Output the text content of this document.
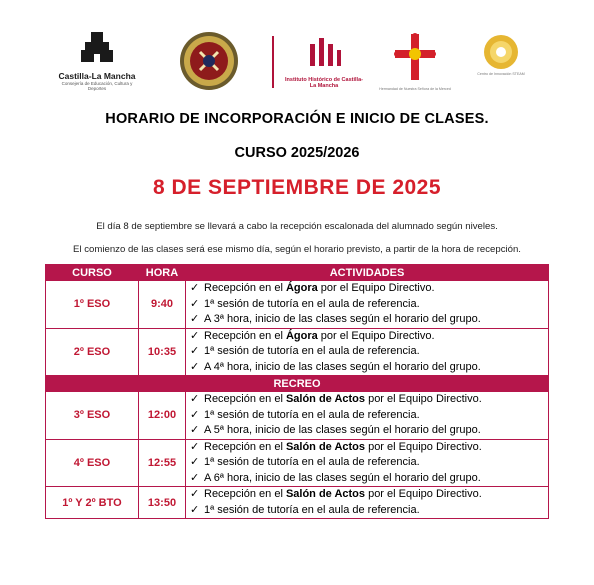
Castilla-La Mancha
Consejería de Educación, Cultura y Deportes
Instituto Histórico de Castilla-La Mancha	Hermandad de Nuestra Señora de la Merced
Centro de Innovación STEAM
HORARIO DE INCORPORACIÓN E INICIO DE CLASES.
CURSO 2025/2026
8 DE SEPTIEMBRE DE 2025
El día 8 de septiembre se llevará a cabo la recepción escalonada del alumnado según niveles.
El comienzo de las clases será ese mismo día, según el horario previsto, a partir de la hora de recepción.
CURSO	HORA	ACTIVIDADES
1º ESO	9:40	✓ Recepción en el Ágora por el Equipo Directivo.
✓ 1ª sesión de tutoría en el aula de referencia.
✓ A 3ª hora, inicio de las clases según el horario del grupo.

2º ESO	10:35	✓ Recepción en el Ágora por el Equipo Directivo.
✓ 1ª sesión de tutoría en el aula de referencia.
✓ A 4ª hora, inicio de las clases según el horario del grupo.

RECREO		
3º ESO	12:00	✓ Recepción en el Salón de Actos por el Equipo Directivo.
✓ 1ª sesión de tutoría en el aula de referencia.
✓ A 5ª hora, inicio de las clases según el horario del grupo.

4º ESO	12:55	✓ Recepción en el Salón de Actos por el Equipo Directivo.
✓ 1ª sesión de tutoría en el aula de referencia.
✓ A 6ª hora, inicio de las clases según el horario del grupo.

1º Y 2º BTO	13:50	✓ Recepción en el Salón de Actos por el Equipo Directivo.
✓ 1ª sesión de tutoría en el aula de referencia.
